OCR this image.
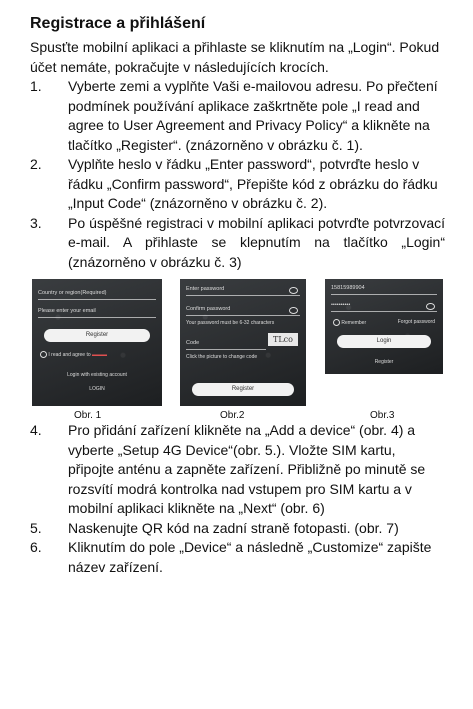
Registrace a přihlášení

Spusťte mobilní aplikaci a přihlaste se kliknutím na „Login“. Pokud účet nemáte, pokračujte v následujících krocích.

1. Vyberte zemi a vyplňte Vaši e-mailovou adresu. Po přečtení podmínek používání aplikace zaškrtněte pole „I read and agree to User Agreement and Privacy Policy“ a klikněte na tlačítko „Register“. (znázorněno v obrázku č. 1).
2. Vyplňte heslo v řádku „Enter password“, potvrďte heslo v řádku „Confirm password“, Přepište kód z obrázku do řádku „Input Code“ (znázorněno v obrázku č. 2).
3. Po úspěšné registraci v mobilní aplikaci potvrďte potvrzovací e-mail. A přihlaste se klepnutím na tlačítko „Login“ (znázorněno v obrázku č. 3)
Country or region(Required)
Please enter your email
Register
I read and agree to ▬▬▬
Login with existing account
LOGIN
Enter password
Confirm password
Your password must be 6-32 characters
Code	TLco
Click the picture to change code
Register
15815989904
••••••••••
Remember	Forgot password
Login
Register
Obr. 1	Obr.2	Obr.3
4. Pro přidání zařízení klikněte na „Add a device“ (obr. 4) a vyberte „Setup 4G Device“(obr. 5.). Vložte SIM kartu, připojte anténu a zapněte zařízení. Přibližně po minutě se rozsvítí modrá kontrolka nad vstupem pro SIM kartu a v mobilní aplikaci klikněte na „Next“ (obr. 6)
5. Naskenujte QR kód na zadní straně fotopasti. (obr. 7)
6. Kliknutím do pole „Device“ a následně „Customize“ zapište název zařízení.
